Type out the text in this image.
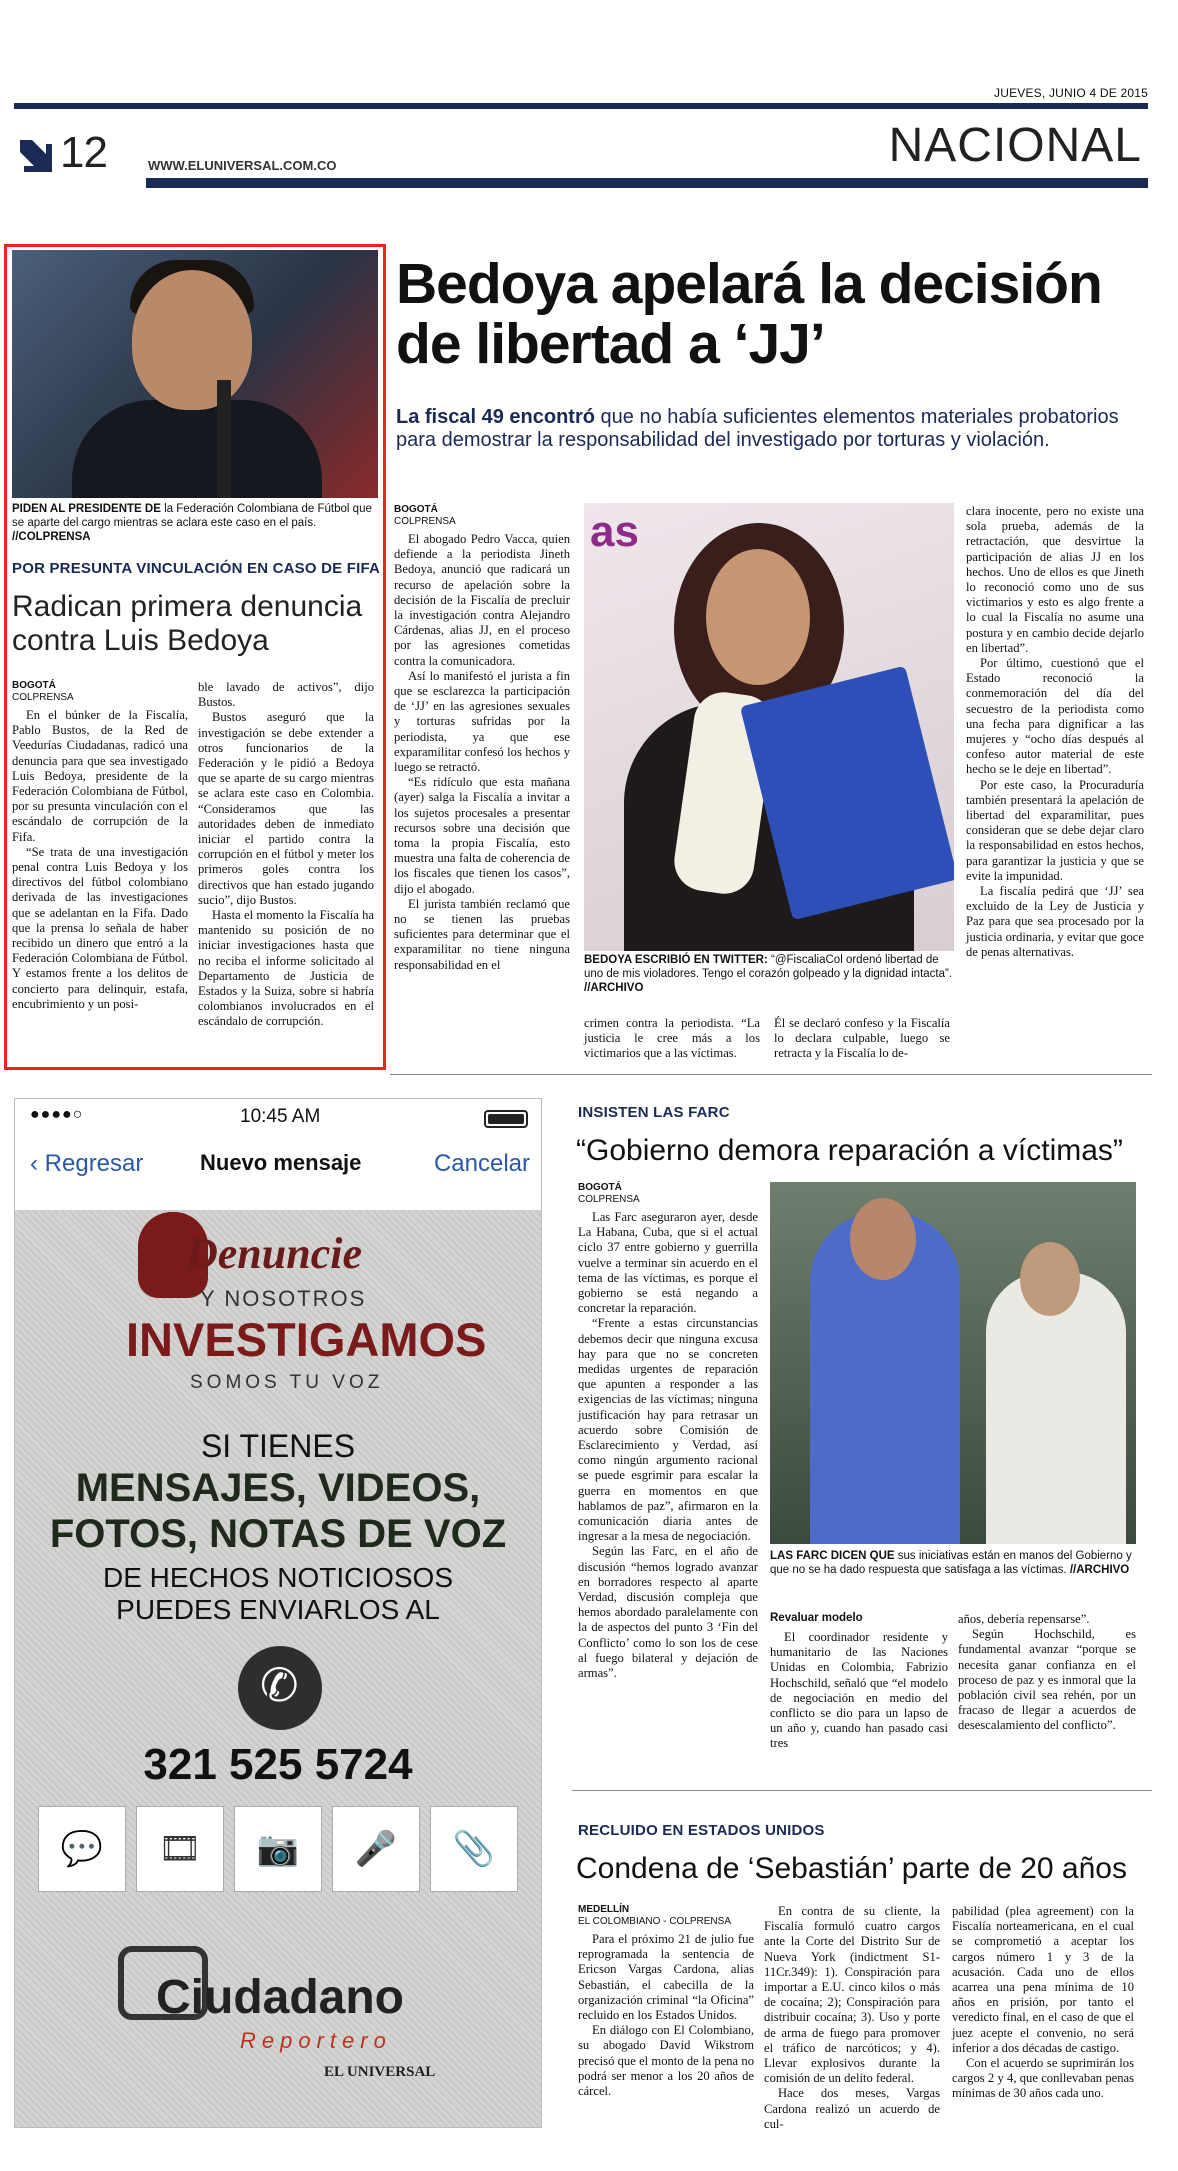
JUEVES, JUNIO 4 DE 2015
12	WWW.ELUNIVERSAL.COM.CO	NACIONAL
PIDEN AL PRESIDENTE DE la Federación Colombiana de Fútbol que se aparte del cargo mientras se aclara este caso en el país. //COLPRENSA
POR PRESUNTA VINCULACIÓN EN CASO DE FIFA
Radican primera denuncia contra Luis Bedoya
BOGOTÁ
COLPRENSA

En el búnker de la Fiscalía, Pablo Bustos, de la Red de Veedurías Ciudadanas, radicó una denuncia para que sea investigado Luis Bedoya, presidente de la Federación Colombiana de Fútbol, por su presunta vinculación con el escándalo de corrupción de la Fifa.

“Se trata de una investigación penal contra Luis Bedoya y los directivos del fútbol colombiano derivada de las investigaciones que se adelantan en la Fifa. Dado que la prensa lo señala de haber recibido un dinero que entró a la Federación Colombiana de Fútbol. Y estamos frente a los delitos de concierto para delinquir, estafa, encubrimiento y un posi-

ble lavado de activos”, dijo Bustos.

Bustos aseguró que la investigación se debe extender a otros funcionarios de la Federación y le pidió a Bedoya que se aparte de su cargo mientras se aclara este caso en Colombia. “Consideramos que las autoridades deben de inmediato iniciar el partido contra la corrupción en el fútbol y meter los primeros goles contra los directivos que han estado jugando sucio”, dijo Bustos.

Hasta el momento la Fiscalía ha mantenido su posición de no iniciar investigaciones hasta que no reciba el informe solicitado al Departamento de Justicia de Estados y la Suiza, sobre si habría colombianos involucrados en el escándalo de corrupción.

Bedoya apelará la decisión de libertad a ‘JJ’
La fiscal 49 encontró que no había suficientes elementos materiales probatorios para demostrar la responsabilidad del investigado por torturas y violación.
BOGOTÁ
COLPRENSA

El abogado Pedro Vacca, quien defiende a la periodista Jineth Bedoya, anunció que radicará un recurso de apelación sobre la decisión de la Fiscalía de precluir la investigación contra Alejandro Cárdenas, alias JJ, en el proceso por las agresiones cometidas contra la comunicadora.

Así lo manifestó el jurista a fin que se esclarezca la participación de ‘JJ’ en las agresiones sexuales y torturas sufridas por la periodista, ya que ese exparamilitar confesó los hechos y luego se retractó.

“Es ridículo que esta mañana (ayer) salga la Fiscalía a invitar a los sujetos procesales a presentar recursos sobre una decisión que toma la propia Fiscalía, esto muestra una falta de coherencia de los fiscales que tienen los casos”, dijo el abogado.

El jurista también reclamó que no se tienen las pruebas suficientes para determinar que el exparamilitar no tiene ninguna responsabilidad en el

as
BEDOYA ESCRIBIÓ EN TWITTER: “@FiscaliaCol ordenó libertad de uno de mis violadores. Tengo el corazón golpeado y la dignidad intacta”. //ARCHIVO

crimen contra la periodista. “La justicia le cree más a los victimarios que a las víctimas.

Él se declaró confeso y la Fiscalía lo declara culpable, luego se retracta y la Fiscalía lo de-

clara inocente, pero no existe una sola prueba, además de la retractación, que desvirtue la participación de alias JJ en los hechos. Uno de ellos es que Jineth lo reconoció como uno de sus victimarios y esto es algo frente a lo cual la Fiscalía no asume una postura y en cambio decide dejarlo en libertad”.

Por último, cuestionó que el Estado reconoció la conmemoración del día del secuestro de la periodista como una fecha para dignificar a las mujeres y “ocho días después al confeso autor material de este hecho se le deje en libertad”.

Por este caso, la Procuraduría también presentará la apelación de libertad del exparamilitar, pues consideran que se debe dejar claro la responsabilidad en estos hechos, para garantizar la justicia y que se evite la impunidad.

La fiscalía pedirá que ‘JJ’ sea excluido de la Ley de Justicia y Paz para que sea procesado por la justicia ordinaria, y evitar que goce de penas alternativas.

●●●●○	10:45 AM
‹ Regresar	Nuevo mensaje	Cancelar
Denuncie
Y NOSOTROS
INVESTIGAMOS
SOMOS TU VOZ
SI TIENES
MENSAJES, VIDEOS,
FOTOS, NOTAS DE VOZ
DE HECHOS NOTICIOSOS
PUEDES ENVIARLOS AL
✆
321 525 5724
💬	🎞	📷	🎤	📎
Ciudadano
Reportero
EL UNIVERSAL
INSISTEN LAS FARC
“Gobierno demora reparación a víctimas”
BOGOTÁ
COLPRENSA

Las Farc aseguraron ayer, desde La Habana, Cuba, que si el actual ciclo 37 entre gobierno y guerrilla vuelve a terminar sin acuerdo en el tema de las víctimas, es porque el gobierno se está negando a concretar la reparación.

“Frente a estas circunstancias debemos decir que ninguna excusa hay para que no se concreten medidas urgentes de reparación que apunten a responder a las exigencias de las víctimas; ninguna justificación hay para retrasar un acuerdo sobre Comisión de Esclarecimiento y Verdad, así como ningún argumento racional se puede esgrimir para escalar la guerra en momentos en que hablamos de paz”, afirmaron en la comunicación diaria antes de ingresar a la mesa de negociación.

Según las Farc, en el año de discusión “hemos logrado avanzar en borradores respecto al aparte Verdad, discusión compleja que hemos abordado paralelamente con la de aspectos del punto 3 ‘Fin del Conflicto’ como lo son los de cese al fuego bilateral y dejación de armas”.

LAS FARC DICEN QUE sus iniciativas están en manos del Gobierno y que no se ha dado respuesta que satisfaga a las víctimas. //ARCHIVO
Revaluar modelo

El coordinador residente y humanitario de las Naciones Unidas en Colombia, Fabrizio Hochschild, señaló que “el modelo de negociación en medio del conflicto se dio para un lapso de un año y, cuando han pasado casi tres

años, debería repensarse”.

Según Hochschild, es fundamental avanzar “porque se necesita ganar confianza en el proceso de paz y es inmoral que la población civil sea rehén, por un fracaso de llegar a acuerdos de desescalamiento del conflicto”.

RECLUIDO EN ESTADOS UNIDOS
Condena de ‘Sebastián’ parte de 20 años
MEDELLÍN
EL COLOMBIANO - COLPRENSA

Para el próximo 21 de julio fue reprogramada la sentencia de Ericson Vargas Cardona, alias Sebastián, el cabecilla de la organización criminal “la Oficina” recluido en los Estados Unidos.

En diálogo con El Colombiano, su abogado David Wikstrom precisó que el monto de la pena no podrá ser menor a los 20 años de cárcel.

En contra de su cliente, la Fiscalía formuló cuatro cargos ante la Corte del Distrito Sur de Nueva York (indictment S1-11Cr.349): 1). Conspiración para importar a E.U. cinco kilos o más de cocaína; 2); Conspiración para distribuir cocaína; 3). Uso y porte de arma de fuego para promover el tráfico de narcóticos; y 4). Llevar explosivos durante la comisión de un delito federal.

Hace dos meses, Vargas Cardona realizó un acuerdo de cul-

pabilidad (plea agreement) con la Fiscalía norteamericana, en el cual se comprometió a aceptar los cargos número 1 y 3 de la acusación. Cada uno de ellos acarrea una pena mínima de 10 años en prisión, por tanto el veredicto final, en el caso de que el juez acepte el convenio, no será inferior a dos décadas de castigo.

Con el acuerdo se suprimirán los cargos 2 y 4, que conllevaban penas mínimas de 30 años cada uno.
